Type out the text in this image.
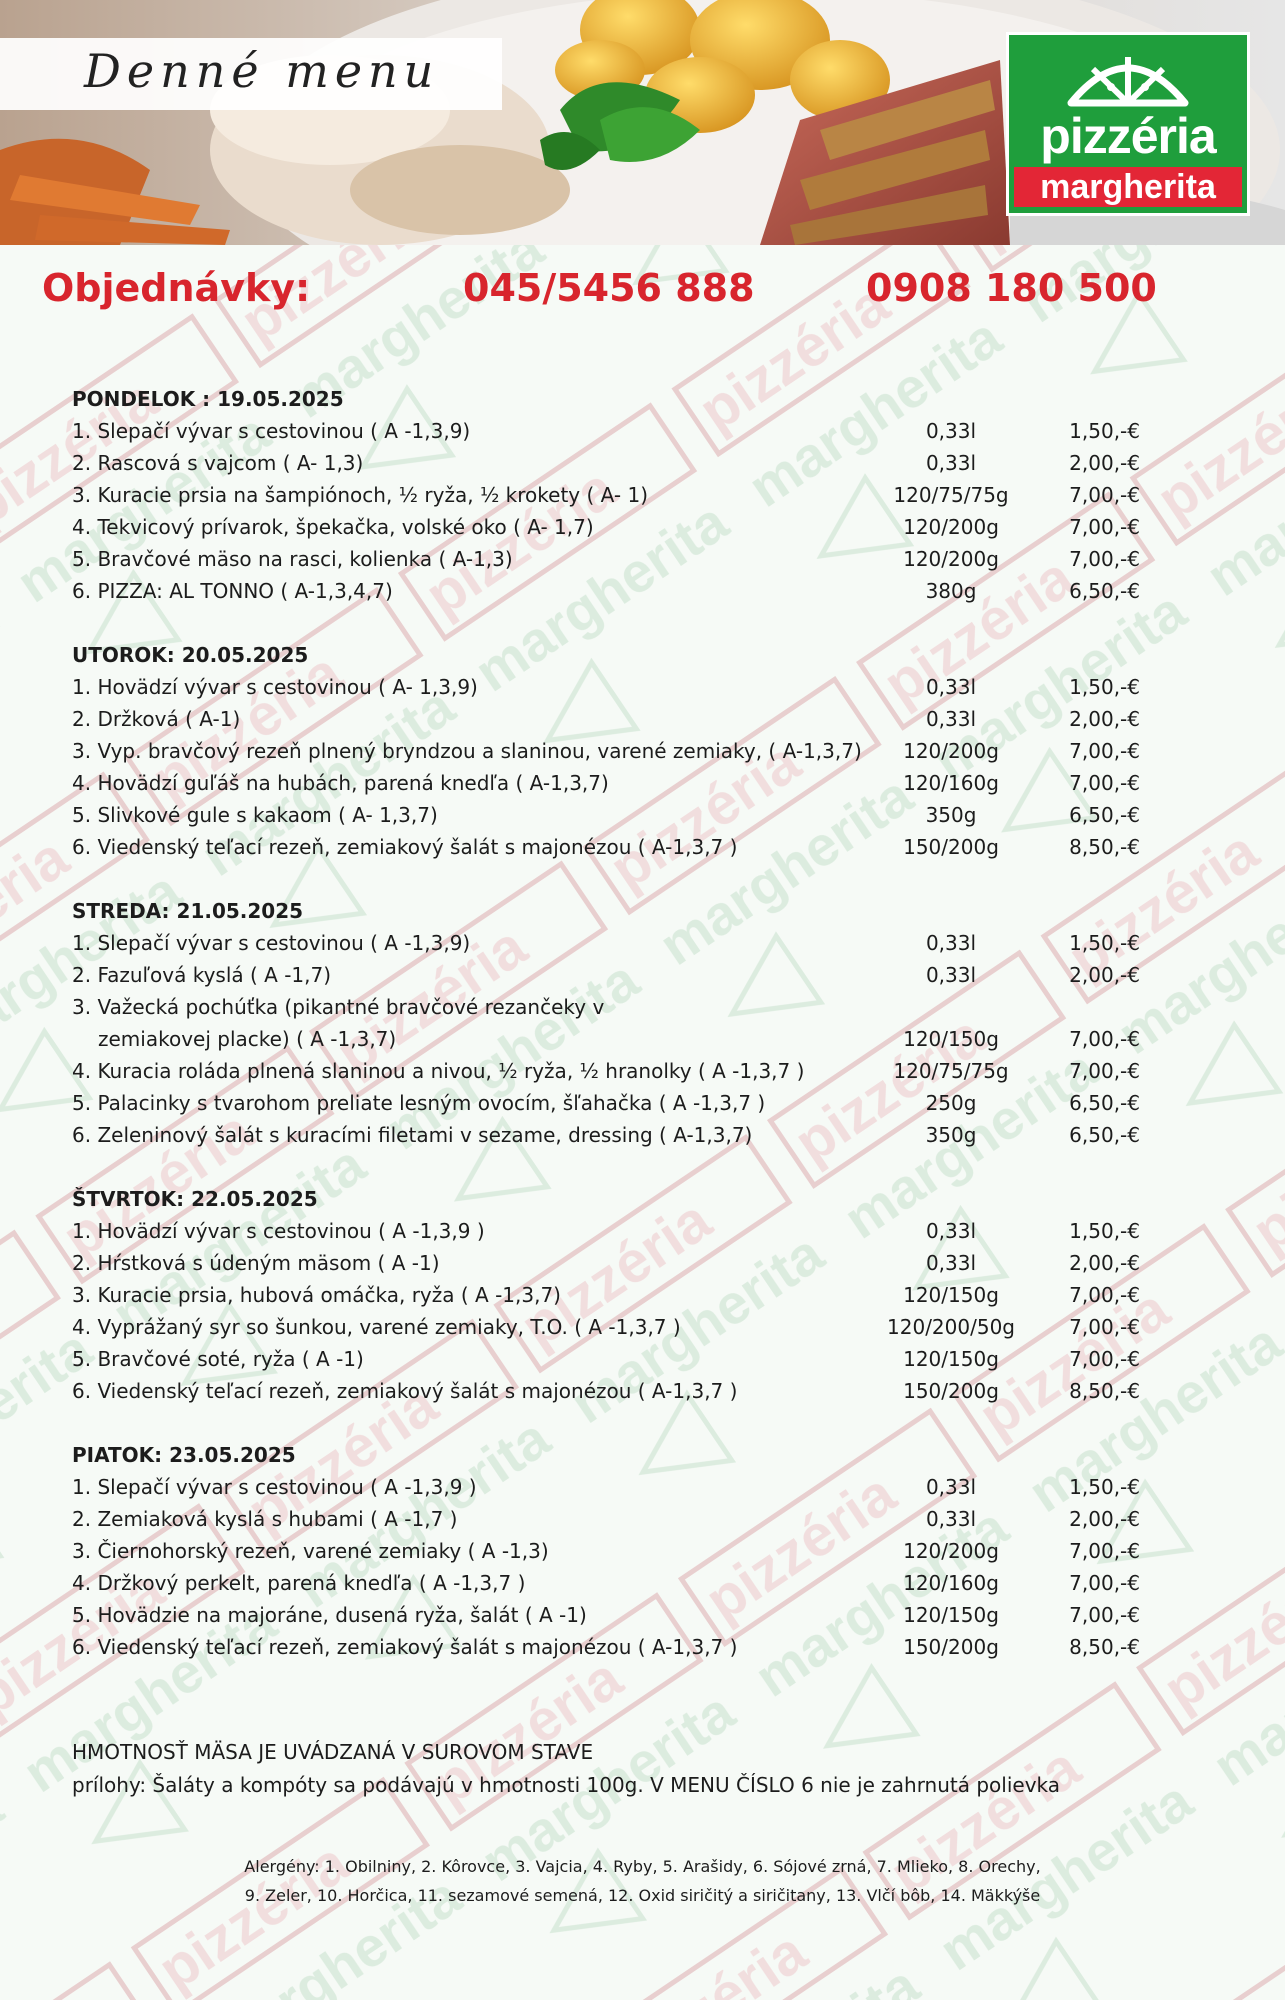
Denné menu
pizzéria
margherita
Objednávky:	045/5456 888	0908 180 500
PONDELOK : 19.05.2025
1. Slepačí vývar s cestovinou ( A -1,3,9)	0,33l	1,50,-€
2. Rascová s vajcom ( A- 1,3)	0,33l	2,00,-€
3. Kuracie prsia na šampiónoch, ½ ryža, ½ krokety ( A- 1)	120/75/75g	7,00,-€
4. Tekvicový prívarok, špekačka, volské oko ( A- 1,7)	120/200g	7,00,-€
5. Bravčové mäso na rasci, kolienka ( A-1,3)	120/200g	7,00,-€
6. PIZZA: AL TONNO ( A-1,3,4,7)	380g	6,50,-€
UTOROK: 20.05.2025
1. Hovädzí vývar s cestovinou ( A- 1,3,9)	0,33l	1,50,-€
2. Držková ( A-1)	0,33l	2,00,-€
3. Vyp. bravčový rezeň plnený bryndzou a slaninou, varené zemiaky, ( A-1,3,7)	120/200g	7,00,-€
4. Hovädzí guľáš na hubách, parená knedľa ( A-1,3,7)	120/160g	7,00,-€
5. Slivkové gule s kakaom ( A- 1,3,7)	350g	6,50,-€
6. Viedenský teľací rezeň, zemiakový šalát s majonézou ( A-1,3,7 )	150/200g	8,50,-€
STREDA: 21.05.2025
1. Slepačí vývar s cestovinou ( A -1,3,9)	0,33l	1,50,-€
2. Fazuľová kyslá ( A -1,7)	0,33l	2,00,-€
3. Važecká pochúťka (pikantné bravčové rezančeky v
zemiakovej placke) ( A -1,3,7)	120/150g	7,00,-€
4. Kuracia roláda plnená slaninou a nivou, ½ ryža, ½ hranolky ( A -1,3,7 )	120/75/75g	7,00,-€
5. Palacinky s tvarohom preliate lesným ovocím, šľahačka ( A -1,3,7 )	250g	6,50,-€
6. Zeleninový šalát s kuracími filetami v sezame, dressing ( A-1,3,7)	350g	6,50,-€
ŠTVRTOK: 22.05.2025
1. Hovädzí vývar s cestovinou ( A -1,3,9 )	0,33l	1,50,-€
2. Hŕstková s údeným mäsom ( A -1)	0,33l	2,00,-€
3. Kuracie prsia, hubová omáčka, ryža ( A -1,3,7)	120/150g	7,00,-€
4. Vyprážaný syr so šunkou, varené zemiaky, T.O. ( A -1,3,7 )	120/200/50g	7,00,-€
5. Bravčové soté, ryža ( A -1)	120/150g	7,00,-€
6. Viedenský teľací rezeň, zemiakový šalát s majonézou ( A-1,3,7 )	150/200g	8,50,-€
PIATOK: 23.05.2025
1. Slepačí vývar s cestovinou ( A -1,3,9 )	0,33l	1,50,-€
2. Zemiaková kyslá s hubami ( A -1,7 )	0,33l	2,00,-€
3. Čiernohorský rezeň, varené zemiaky ( A -1,3)	120/200g	7,00,-€
4. Držkový perkelt, parená knedľa ( A -1,3,7 )	120/160g	7,00,-€
5. Hovädzie na majoráne, dusená ryža, šalát ( A -1)	120/150g	7,00,-€
6. Viedenský teľací rezeň, zemiakový šalát s majonézou ( A-1,3,7 )	150/200g	8,50,-€
HMOTNOSŤ MÄSA JE UVÁDZANÁ V SUROVOM STAVE
prílohy: Šaláty a kompóty sa podávajú v hmotnosti 100g. V MENU ČÍSLO 6 nie je zahrnutá polievka
Alergény: 1. Obilniny, 2. Kôrovce, 3. Vajcia, 4. Ryby, 5. Arašidy, 6. Sójové zrná, 7. Mlieko, 8. Orechy,
9. Zeler, 10. Horčica, 11. sezamové semená, 12. Oxid siričitý a siričitany, 13. Vlčí bôb, 14. Mäkkýše
